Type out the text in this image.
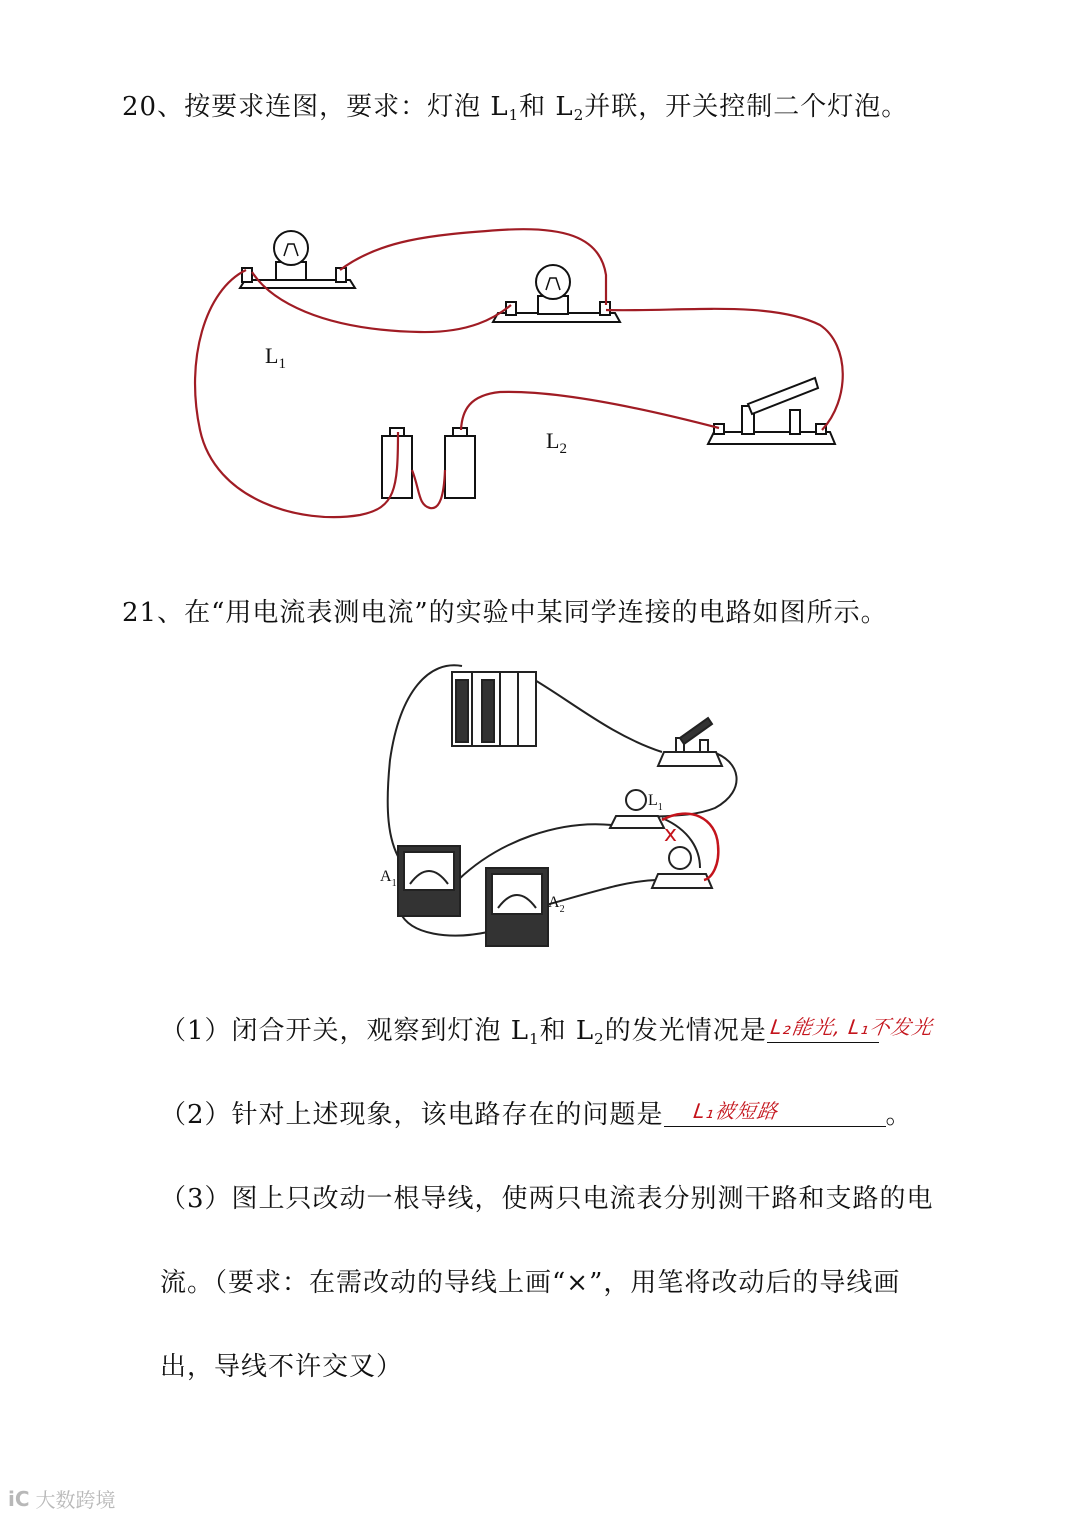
20、按要求连图，要求：灯泡 $L_1$和 $L_2$并联，开关控制二个灯泡。
$L_1$
$L_2$
21、在“用电流表测电流”的实验中某同学连接的电路如图所示。
$A_1$
$A_2$
$L_1$
x
（1）闭合开关，观察到灯泡 $L_1$和 $L_2$的发光情况是 L₂能光, L₁不发光
（2）针对上述现象，该电路存在的问题是 L₁被短路	。
（3）图上只改动一根导线，使两只电流表分别测干路和支路的电
流。（要求：在需改动的导线上画“×”，用笔将改动后的导线画
出，导线不许交叉）
iC 大数跨境
